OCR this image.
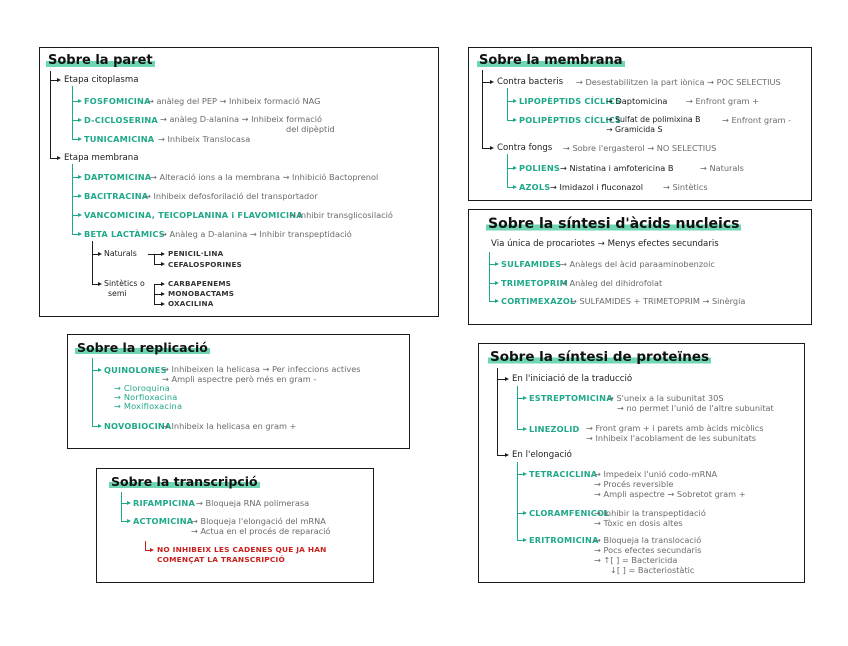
Sobre la paret
Etapa citoplasma
Etapa membrana
FOSFOMICINA
→ anàleg del PEP ⇝ Inhibeix formació NAG
D-CICLOSERINA → anàleg D-alanina ⇝ Inhibeix formació
del dipèptid
TUNICAMICINA → Inhibeix Translocasa
DAPTOMICINA
→ Alteració ions a la membrana ⇝ Inhibició Bactoprenol
BACITRACINA
→ Inhibeix defosforilació del transportador
VANCOMICINA, TEICOPLANINA i FLAVOMICINA
→ Inhibir transglicosilació
BETA LACTÀMICS
→ Anàleg a D-alanina → Inhibir transpeptidació
Naturals	PENICIL·LINA
CEFALOSPORINES
Sintètics o
semi
CARBAPENEMS
MONOBACTAMS
OXACILINA
Sobre la membrana
Contra bacteris → Desestabilitzen la part iònica → POC SELECTIUS
LIPOPÈPTIDS CÍCLICS
→ Daptomicina → Enfront gram +
POLIPÈPTIDS CÍCLICS
→ Sulfat de polimixina B	→ Enfront gram -
→ Gramicida S
Contra fongs → Sobre l'ergasterol → NO SELECTIUS
POLIENS → Nistatina i amfotericina B	→ Naturals
AZOLS → Imidazol i fluconazol → Sintètics
Sobre la síntesi d'àcids nucleics
Via única de procariotes → Menys efectes secundaris
SULFAMIDES
→ Anàlegs del àcid paraaminobenzoic
TRIMETOPRIM
→ Anàleg del dihidrofolat
CORTIMEXAZOL
→ SULFAMIDES + TRIMETOPRIM → Sinèrgia
Sobre la replicació
QUINOLONES
→ Inhibeixen la helicasa ⇝ Per infeccions actives
⇝ Ampli aspectre però més en gram -
→ Cloroquina
→ Norfloxacina
→ Moxifloxacina
NOVOBIOCINA
→ Inhibeix la helicasa en gram +
Sobre la transcripció
RIFAMPICINA → Bloqueja RNA polimerasa
ACTOMICINA
→ Bloqueja l'elongació del mRNA
→ Actua en el procés de reparació
NO INHIBEIX LES CADENES QUE JA HAN
COMENÇAT LA TRANSCRIPCIÓ
Sobre la síntesi de proteïnes
En l'iniciació de la traducció
En l'elongació
ESTREPTOMICINA
→ S'uneix a la subunitat 30S
→ no permet l'unió de l'altre subunitat
LINEZOLID → Front gram + i parets amb àcids micòlics
→ Inhibeix l'acoblament de les subunitats
TETRACICLINA
→ Impedeix l'unió codo-mRNA
→ Procés reversible
→ Ampli aspectre → Sobretot gram +
CLORAMFENICOL
→ Inhibir la transpeptidació
→ Tòxic en dosis altes
ERITROMICINA
→ Bloqueja la translocació
→ Pocs efectes secundaris
→ ↑[ ] = Bactericida
↓[ ] = Bacteriostàtic
